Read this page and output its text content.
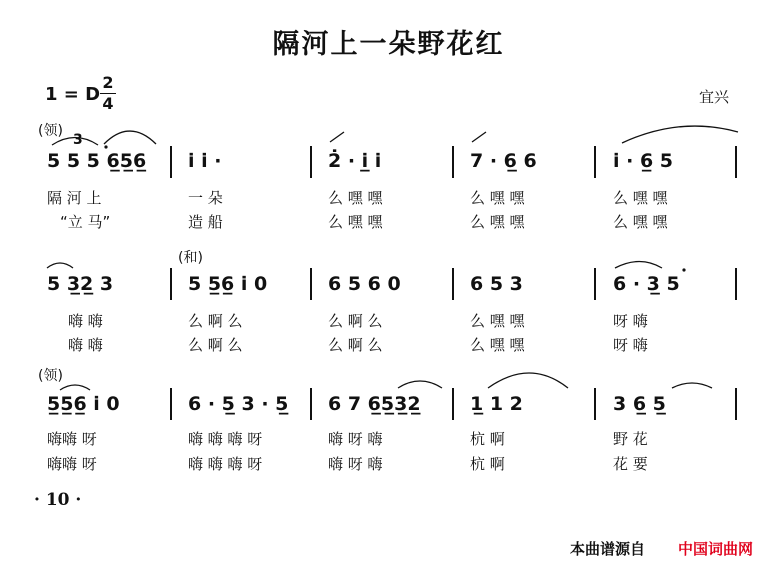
隔河上一朵野花红
1 = D
2
4	宜兴
(领)
(和)
(领)
3
5 5 5 6̲5̲6̲ i̇ i̇ ·	2̇ · i̲̇ i̇	7 · 6̲ 6	i̇ · 6̲ 5
隔 河 上	一 朵	么 嘿 嘿	么 嘿 嘿	么 嘿 嘿
“立 马”	造 船	么 嘿 嘿	么 嘿 嘿	么 嘿 嘿
5 3̲2̲ 3	5 5̲6̲ i̇ 0	6 5 6 0	6 5 3	6 · 3̲ 5
嗨 嗨	么 啊 么	么 啊 么	么 嘿 嘿	呀 嗨
嗨 嗨	么 啊 么	么 啊 么	么 嘿 嘿	呀 嗨
5̲5̲6̲ i̇ 0	6 · 5̲ 3 · 5̲ 6 7 6̲5̲3̲2̲	1̲ 1 2	3 6̲ 5̲
嗨嗨 呀	嗨 嗨 嗨 呀	嗨 呀 嗨	杭 啊	野 花
嗨嗨 呀	嗨 嗨 嗨 呀	嗨 呀 嗨	杭 啊	花 要
· 10 ·
本曲谱源自 中国词曲网
